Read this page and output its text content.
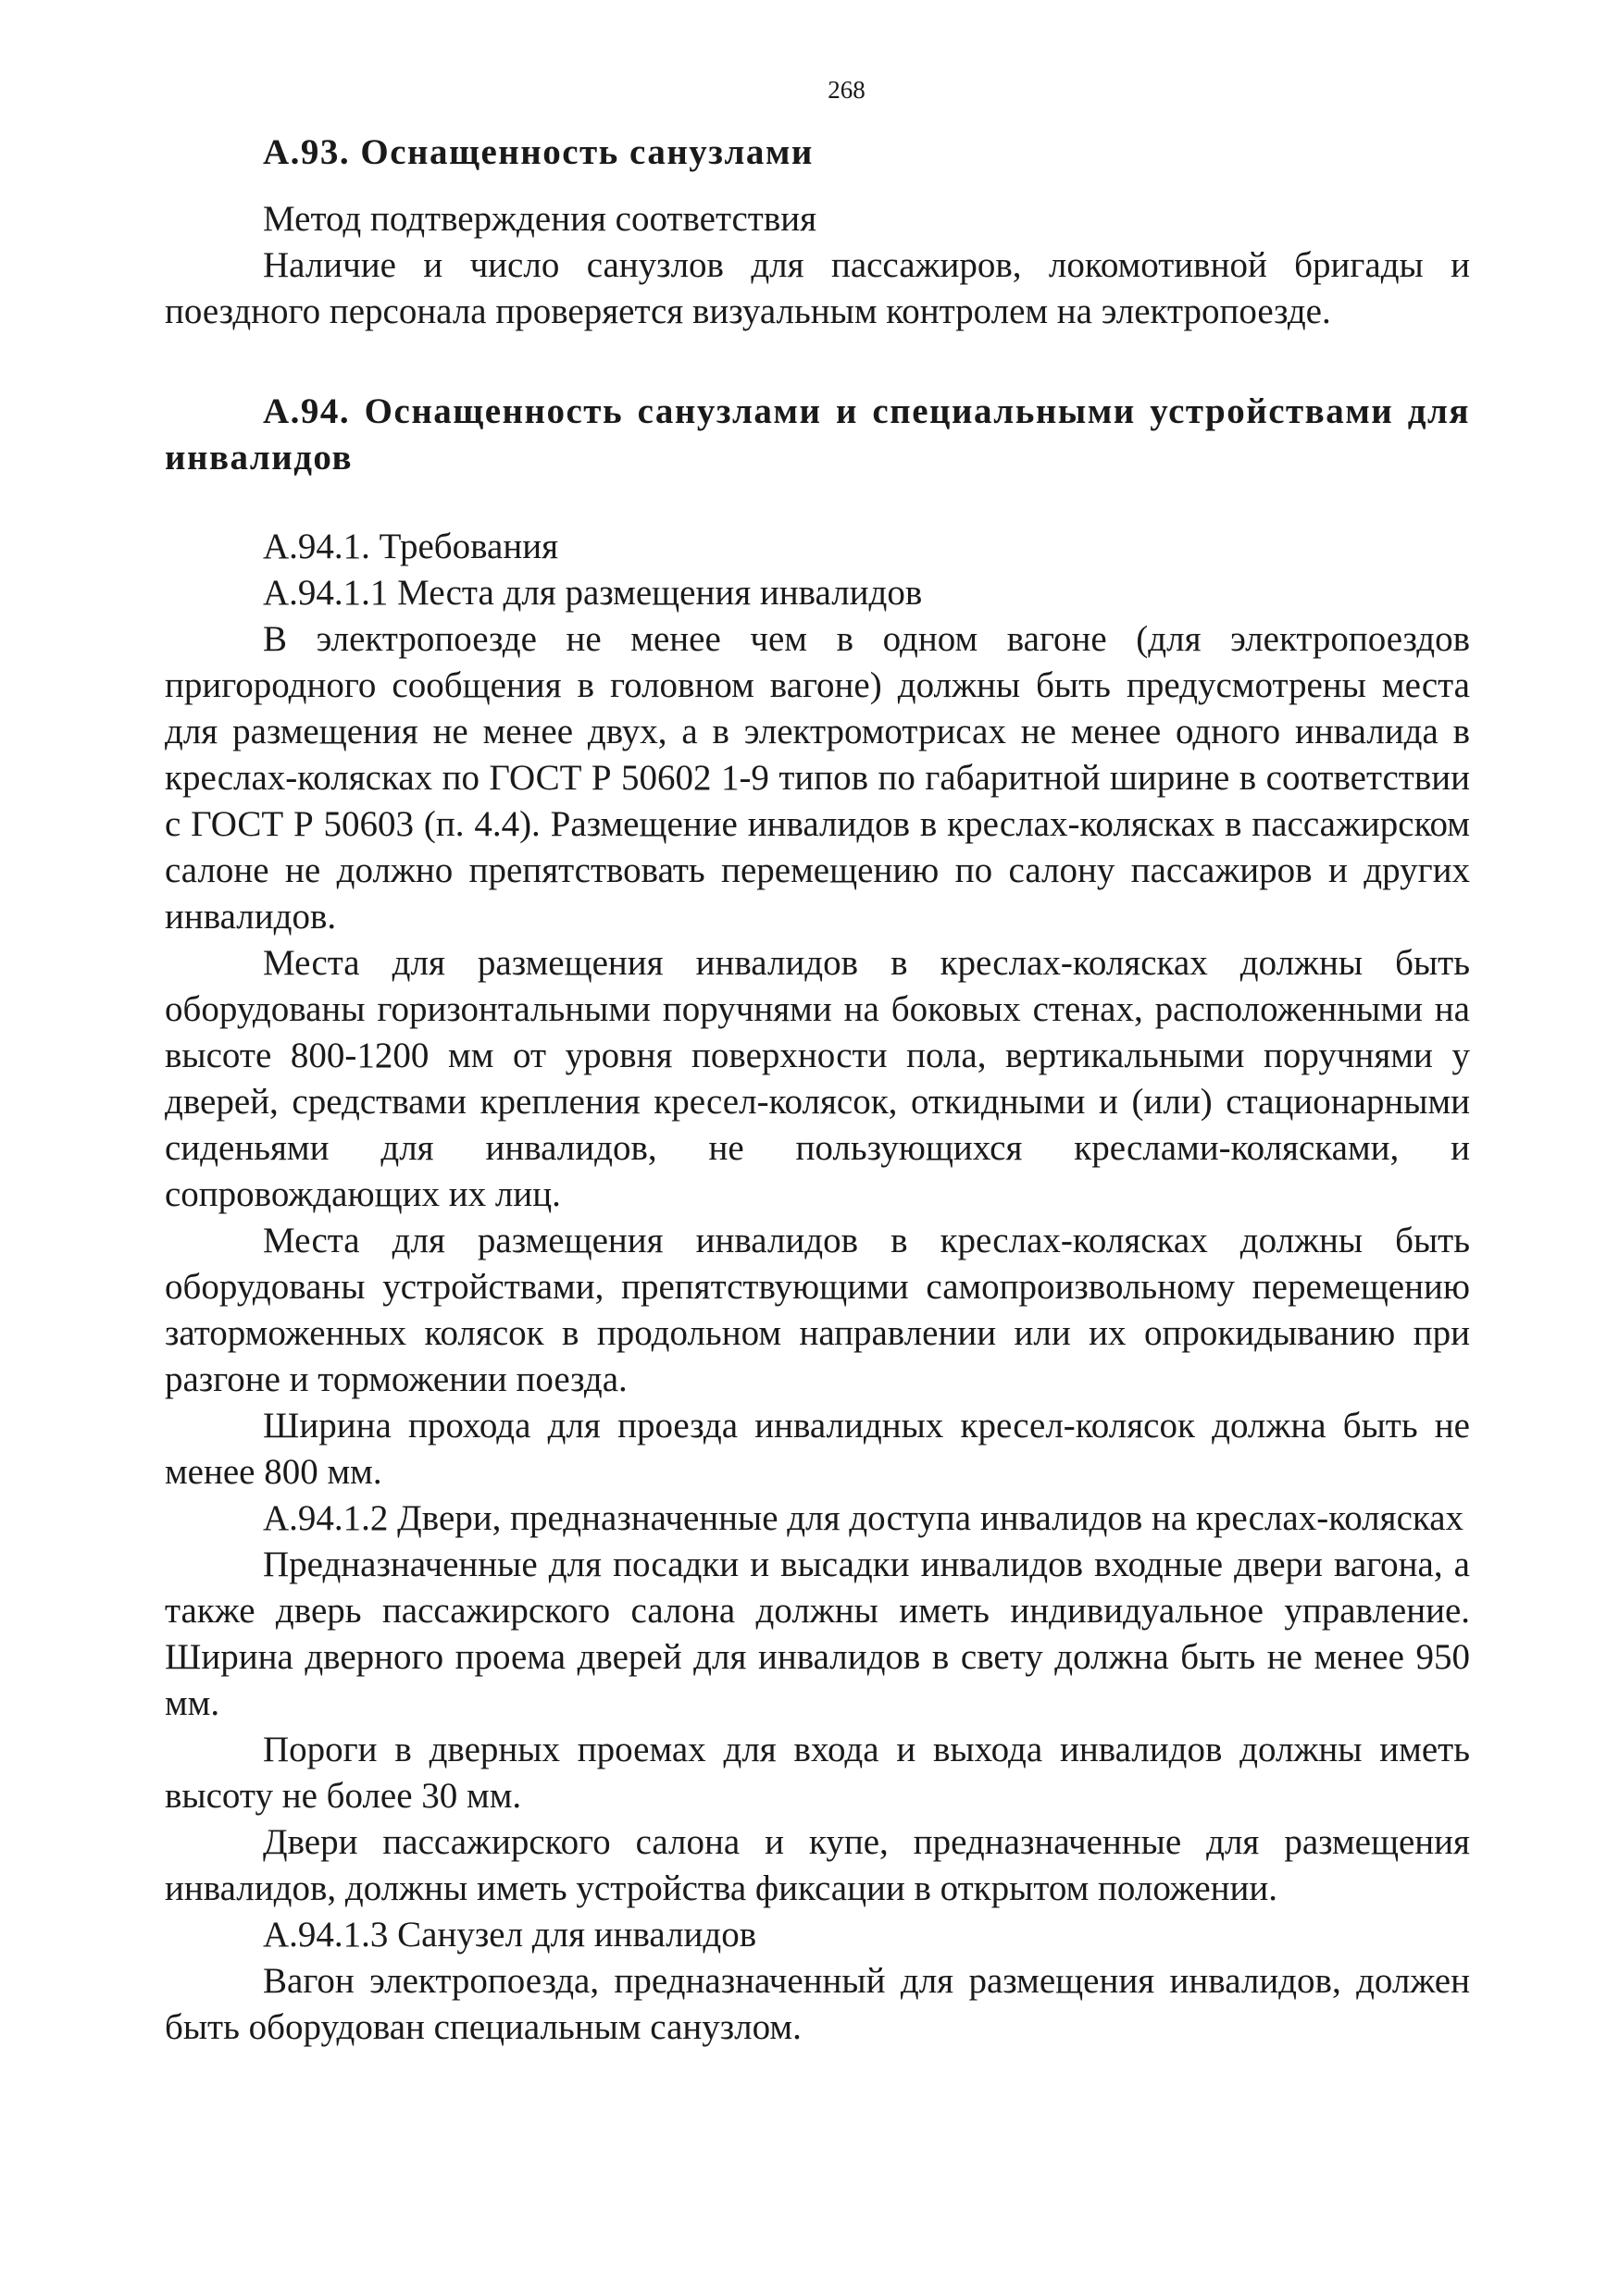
268

А.93. Оснащенность санузлами

Метод подтверждения соответствия

Наличие и число санузлов для пассажиров, локомотивной бригады и поездного персонала проверяется визуальным контролем на электропоезде.

А.94. Оснащенность санузлами и специальными устройствами для инвалидов

А.94.1. Требования

А.94.1.1 Места для размещения инвалидов

В электропоезде не менее чем в одном вагоне (для электропоездов пригородного сообщения в головном вагоне) должны быть предусмотрены места для размещения не менее двух, а в электромотрисах не менее одного инвалида в креслах-колясках по ГОСТ Р 50602 1-9 типов по габаритной ширине в соответствии с ГОСТ Р 50603 (п. 4.4). Размещение инвалидов в креслах-колясках в пассажирском салоне не должно препятствовать перемещению по салону пассажиров и других инвалидов.

Места для размещения инвалидов в креслах-колясках должны быть оборудованы горизонтальными поручнями на боковых стенах, расположенными на высоте 800-1200 мм от уровня поверхности пола, вертикальными поручнями у дверей, средствами крепления кресел-колясок, откидными и (или) стационарными сиденьями для инвалидов, не пользующихся креслами-колясками, и сопровождающих их лиц.

Места для размещения инвалидов в креслах-колясках должны быть оборудованы устройствами, препятствующими самопроизвольному перемещению заторможенных колясок в продольном направлении или их опрокидыванию при разгоне и торможении поезда.

Ширина прохода для проезда инвалидных кресел-колясок должна быть не менее 800 мм.

А.94.1.2 Двери, предназначенные для доступа инвалидов на креслах-колясках

Предназначенные для посадки и высадки инвалидов входные двери вагона, а также дверь пассажирского салона должны иметь индивидуальное управление. Ширина дверного проема дверей для инвалидов в свету должна быть не менее 950 мм.

Пороги в дверных проемах для входа и выхода инвалидов должны иметь высоту не более 30 мм.

Двери пассажирского салона и купе, предназначенные для размещения инвалидов, должны иметь устройства фиксации в открытом положении.

А.94.1.3 Санузел для инвалидов

Вагон электропоезда, предназначенный для размещения инвалидов, должен быть оборудован специальным санузлом.
